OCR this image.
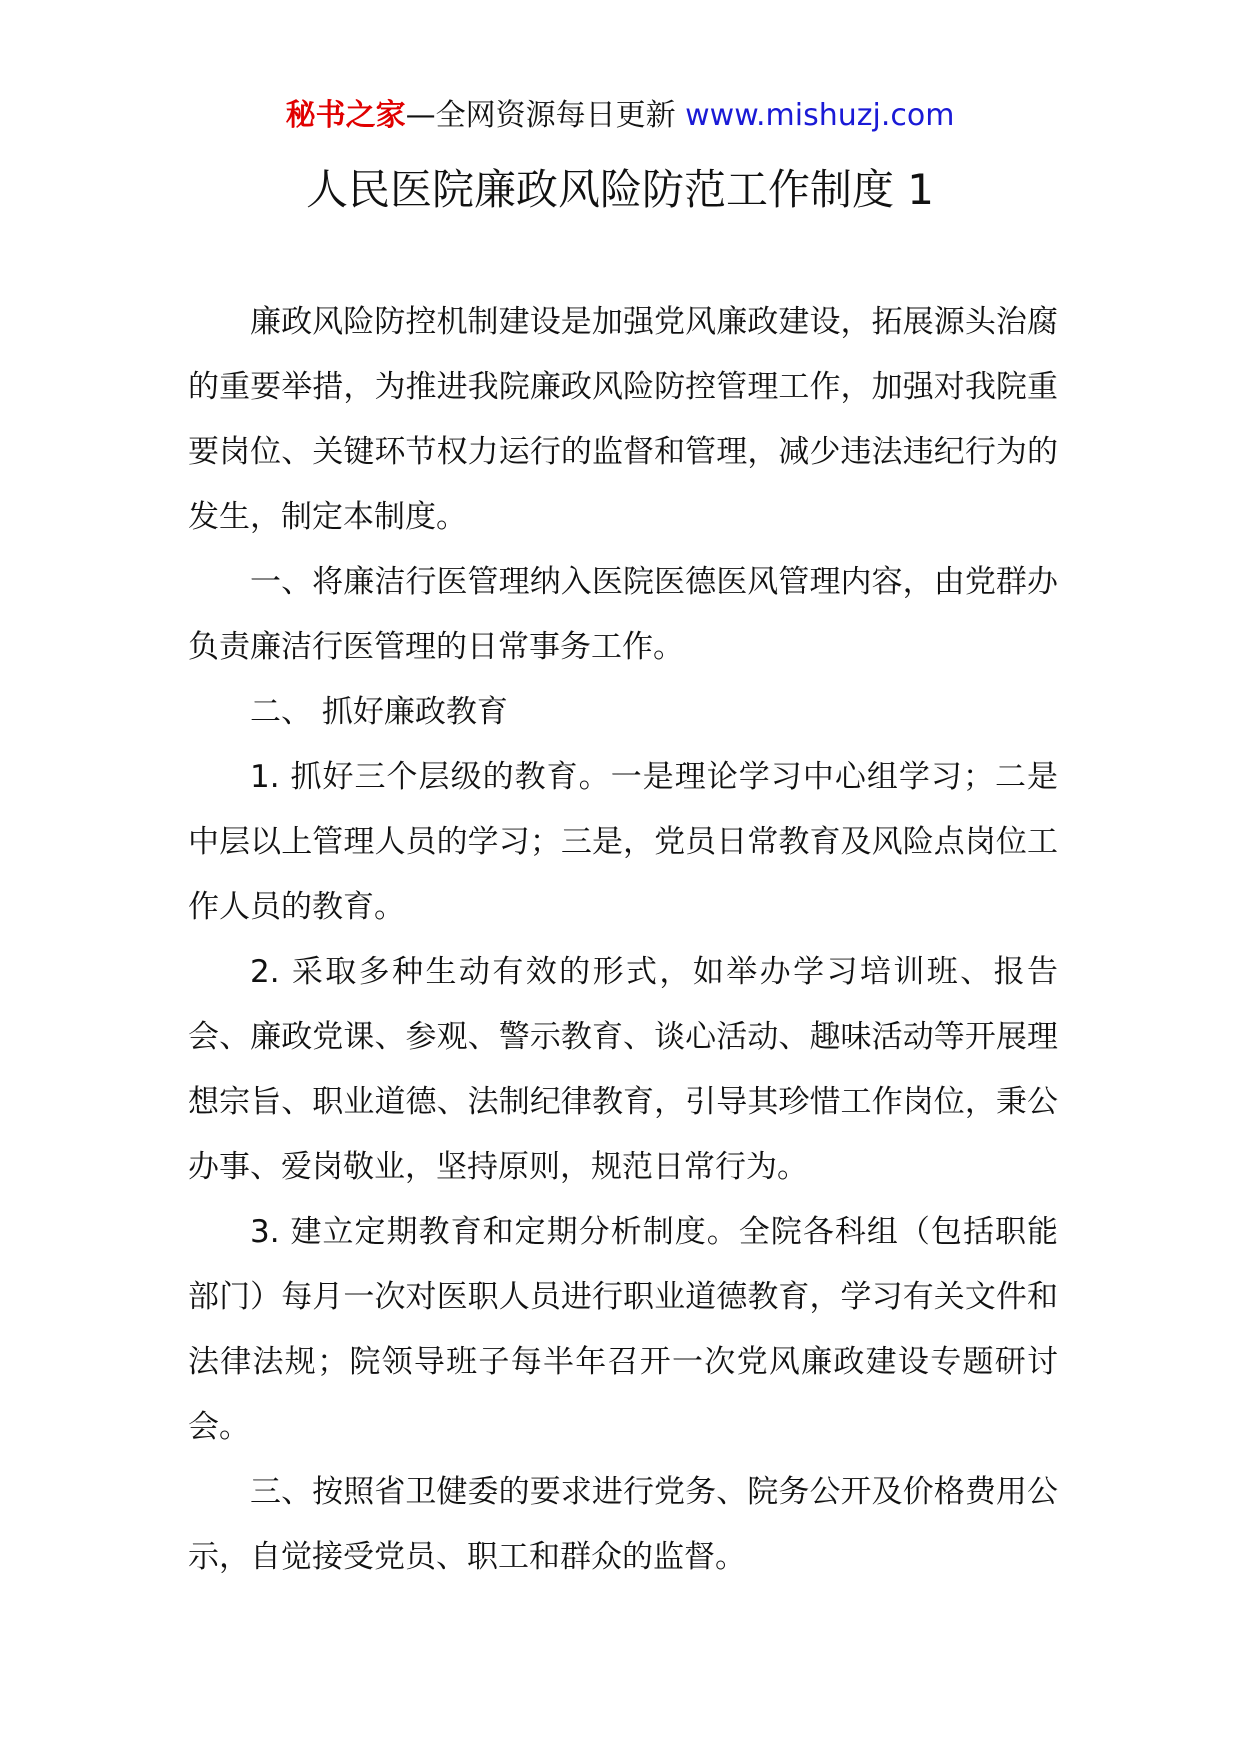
秘书之家—全网资源每日更新 www.mishuzj.com
人民医院廉政风险防范工作制度 1

廉政风险防控机制建设是加强党风廉政建设，拓展源头治腐的重要举措，为推进我院廉政风险防控管理工作，加强对我院重要岗位、关键环节权力运行的监督和管理，减少违法违纪行为的发生，制定本制度。

一、将廉洁行医管理纳入医院医德医风管理内容，由党群办负责廉洁行医管理的日常事务工作。

二、 抓好廉政教育

1. 抓好三个层级的教育。一是理论学习中心组学习；二是中层以上管理人员的学习；三是，党员日常教育及风险点岗位工作人员的教育。

2. 采取多种生动有效的形式，如举办学习培训班、报告会、廉政党课、参观、警示教育、谈心活动、趣味活动等开展理想宗旨、职业道德、法制纪律教育，引导其珍惜工作岗位，秉公办事、爱岗敬业，坚持原则，规范日常行为。

3. 建立定期教育和定期分析制度。全院各科组（包括职能部门）每月一次对医职人员进行职业道德教育，学习有关文件和法律法规；院领导班子每半年召开一次党风廉政建设专题研讨会。

三、按照省卫健委的要求进行党务、院务公开及价格费用公示，自觉接受党员、职工和群众的监督。
